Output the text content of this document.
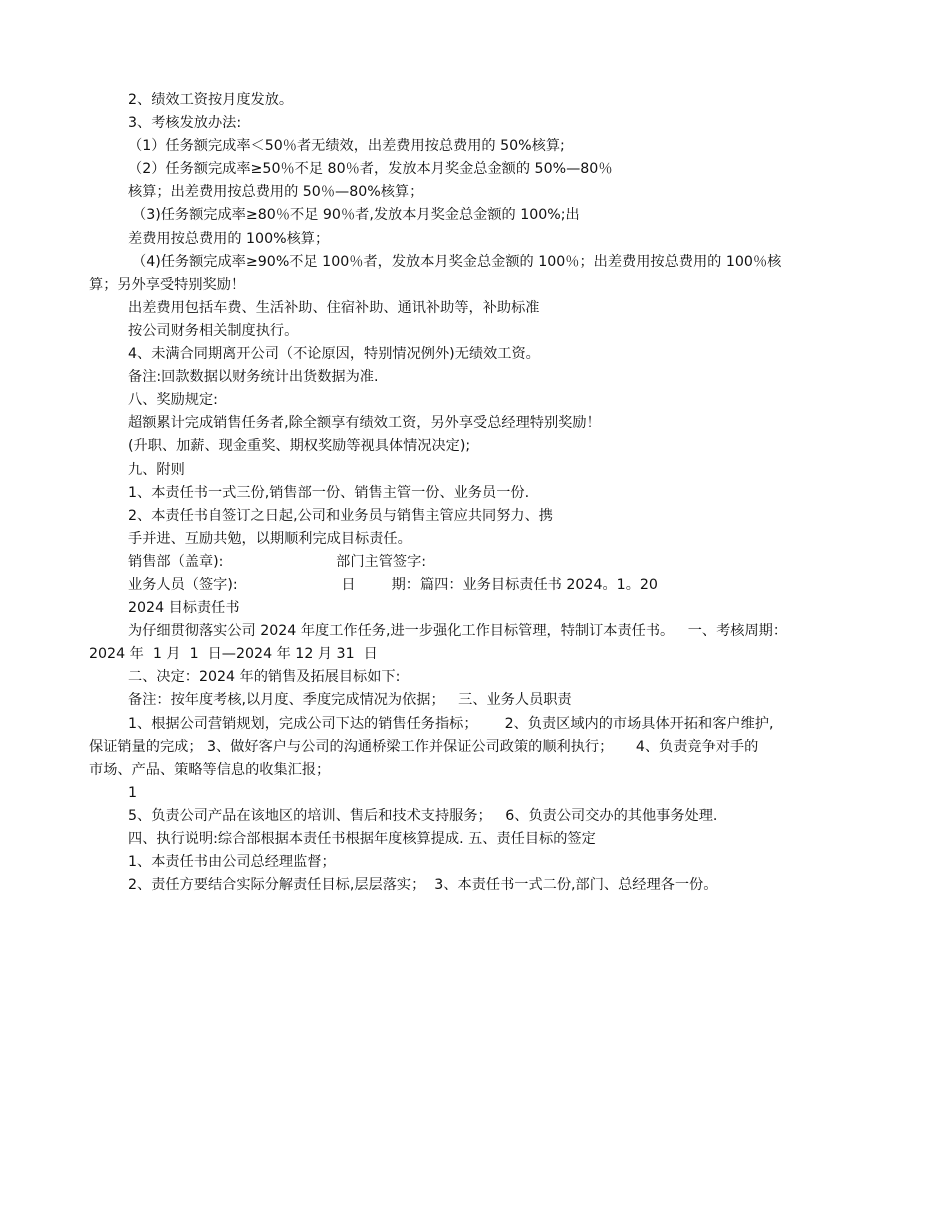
2、绩效工资按月度发放。
3、考核发放办法:
（1）任务额完成率＜50％者无绩效，出差费用按总费用的 50%核算;
（2）任务额完成率≥50％不足 80％者，发放本月奖金总金额的 50%—80％
核算；出差费用按总费用的 50％—80%核算；
（3)任务额完成率≥80％不足 90％者,发放本月奖金总金额的 100%;出
差费用按总费用的 100%核算；
（4)任务额完成率≥90%不足 100％者，发放本月奖金总金额的 100％；出差费用按总费用的 100％核
算；另外享受特别奖励！
出差费用包括车费、生活补助、住宿补助、通讯补助等，补助标准
按公司财务相关制度执行。
4、未满合同期离开公司（不论原因，特别情况例外)无绩效工资。
备注:回款数据以财务统计出货数据为准.
八、奖励规定:
超额累计完成销售任务者,除全额享有绩效工资，另外享受总经理特别奖励！
(升职、加薪、现金重奖、期权奖励等视具体情况决定);
九、附则
1、本责任书一式三份,销售部一份、销售主管一份、业务员一份.
2、本责任书自签订之日起,公司和业务员与销售主管应共同努力、携
手并进、互励共勉，以期顺利完成目标责任。
销售部（盖章):                         部门主管签字:
业务人员（签字):                       日        期：篇四：业务目标责任书 2024。1。20
2024 目标责任书
为仔细贯彻落实公司 2024 年度工作任务,进一步强化工作目标管理，特制订本责任书。   一、考核周期：
2024 年  1 月  1  日—2024 年 12 月 31  日
二、决定：2024 年的销售及拓展目标如下:
备注：按年度考核,以月度、季度完成情况为依据；   三、业务人员职责
1、根据公司营销规划，完成公司下达的销售任务指标；      2、负责区域内的市场具体开拓和客户维护,
保证销量的完成； 3、做好客户与公司的沟通桥梁工作并保证公司政策的顺利执行；     4、负责竞争对手的
市场、产品、策略等信息的收集汇报；
1
5、负责公司产品在该地区的培训、售后和技术支持服务；   6、负责公司交办的其他事务处理.
四、执行说明:综合部根据本责任书根据年度核算提成. 五、责任目标的签定
1、本责任书由公司总经理监督；
2、责任方要结合实际分解责任目标,层层落实；  3、本责任书一式二份,部门、总经理各一份。
